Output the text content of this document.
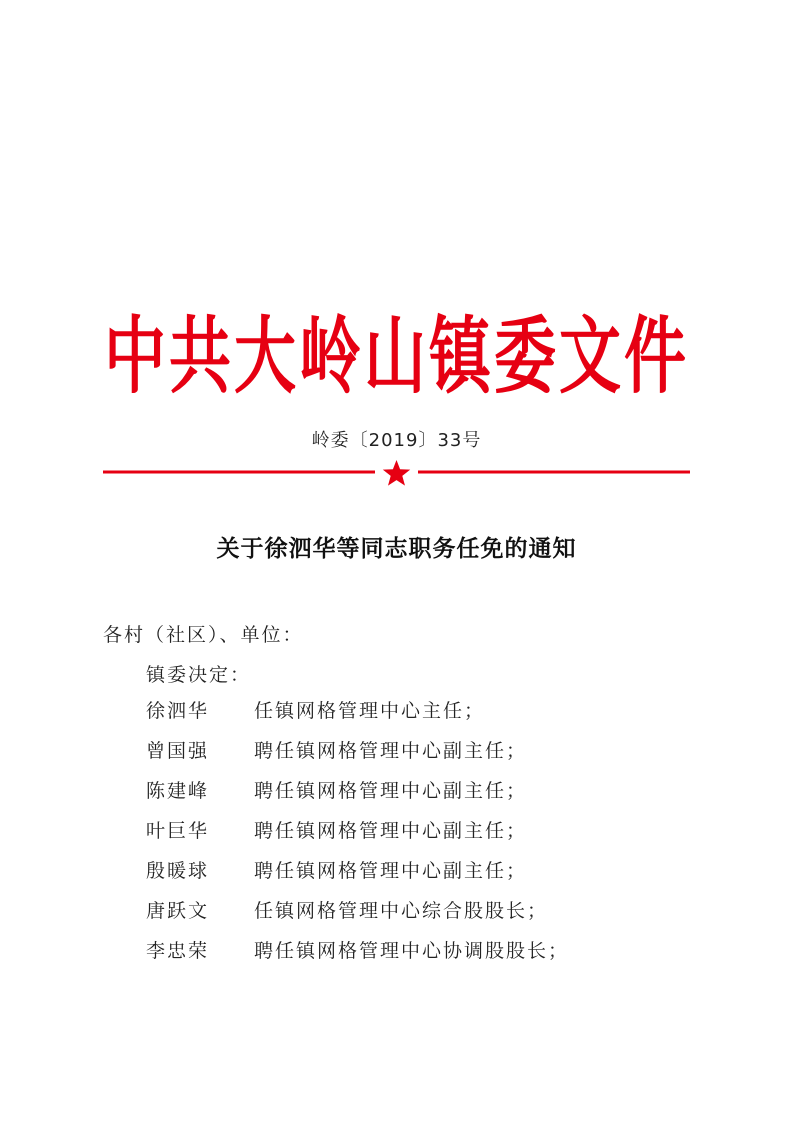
中共大岭山镇委文件
岭委〔2019〕33号
关于徐泗华等同志职务任免的通知
各村（社区）、单位：
镇委决定：
徐泗华 任镇网格管理中心主任；
曾国强 聘任镇网格管理中心副主任；
陈建峰 聘任镇网格管理中心副主任；
叶巨华 聘任镇网格管理中心副主任；
殷暖球 聘任镇网格管理中心副主任；
唐跃文 任镇网格管理中心综合股股长；
李忠荣 聘任镇网格管理中心协调股股长；
